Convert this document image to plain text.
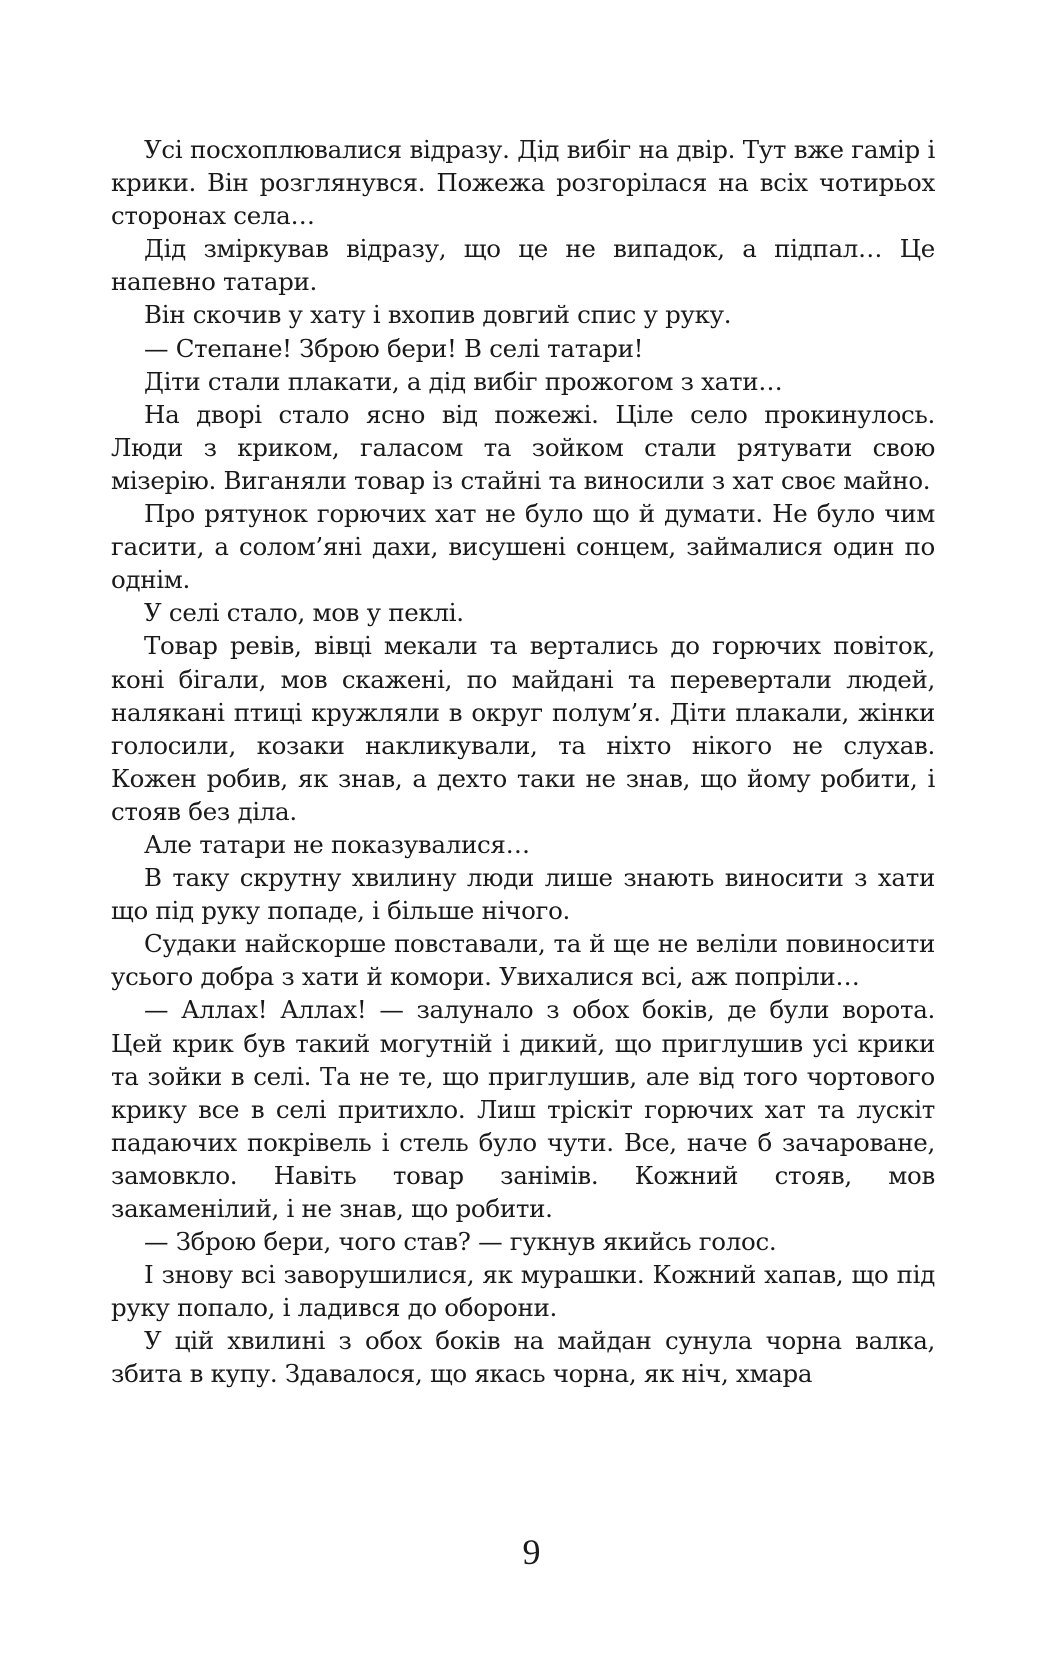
Усі посхоплювалися відразу. Дід вибіг на двір. Тут вже гамір і крики. Він розглянувся. Пожежа розгорілася на всіх чотирьох сторонах села…

Дід зміркував відразу, що це не випадок, а підпал… Це напевно татари.

Він скочив у хату і вхопив довгий спис у руку.

— Степане! Зброю бери! В селі татари!

Діти стали плакати, а дід вибіг прожогом з хати…

На дворі стало ясно від пожежі. Ціле село прокинулось. Люди з криком, галасом та зойком стали рятувати свою мізерію. Виганяли товар із стайні та виносили з хат своє майно.

Про рятунок горючих хат не було що й думати. Не було чим гасити, а солом’яні дахи, висушені сонцем, займалися один по однім.

У селі стало, мов у пеклі.

Товар ревів, вівці мекали та вертались до горючих повіток, коні бігали, мов скажені, по майдані та перевертали людей, налякані птиці кружляли в округ полум’я. Діти плакали, жінки голосили, козаки накликували, та ніхто нікого не слухав. Кожен робив, як знав, а дехто таки не знав, що йому робити, і стояв без діла.

Але татари не показувалися…

В таку скрутну хвилину люди лише знають виносити з хати що під руку попаде, і більше нічого.

Судаки найскорше повставали, та й ще не веліли повиносити усього добра з хати й комори. Увихалися всі, аж попріли…

— Аллах! Аллах! — залунало з обох боків, де були ворота. Цей крик був такий могутній і дикий, що приглушив усі крики та зойки в селі. Та не те, що приглушив, але від того чортового крику все в селі притихло. Лиш тріскіт горючих хат та лускіт падаючих покрівель і стель було чути. Все, наче б зачароване, замовкло. Навіть товар занімів. Кожний стояв, мов закаменілий, і не знав, що робити.

— Зброю бери, чого став? — гукнув якийсь голос.

І знову всі заворушилися, як мурашки. Кожний хапав, що під руку попало, і ладився до оборони.

У цій хвилині з обох боків на майдан сунула чорна валка, збита в купу. Здавалося, що якась чорна, як ніч, хмара

9
